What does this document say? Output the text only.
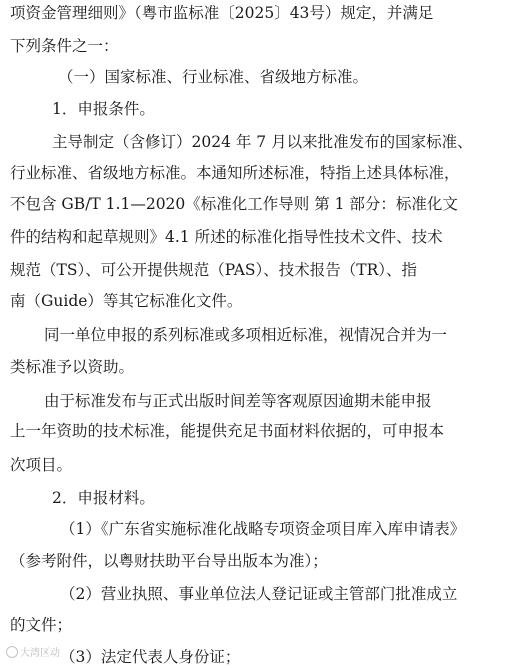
项资金管理细则》（粤市监标准〔2025〕43号）规定，并满足
下列条件之一：
（一）国家标准、行业标准、省级地方标准。
1．申报条件。
主导制定（含修订）2024 年 7 月以来批准发布的国家标准、
行业标准、省级地方标准。本通知所述标准，特指上述具体标准，
不包含 GB/T 1.1—2020《标准化工作导则 第 1 部分：标准化文
件的结构和起草规则》4.1 所述的标准化指导性技术文件、技术
规范（TS）、可公开提供规范（PAS）、技术报告（TR）、指
南（Guide）等其它标准化文件。
同一单位申报的系列标准或多项相近标准，视情况合并为一
类标准予以资助。
由于标准发布与正式出版时间差等客观原因逾期未能申报
上一年资助的技术标准，能提供充足书面材料依据的，可申报本
次项目。
2．申报材料。
（1）《广东省实施标准化战略专项资金项目库入库申请表》
（参考附件，以粤财扶助平台导出版本为准）；
（2）营业执照、事业单位法人登记证或主管部门批准成立
的文件；
（3）法定代表人身份证；
大湾区动
